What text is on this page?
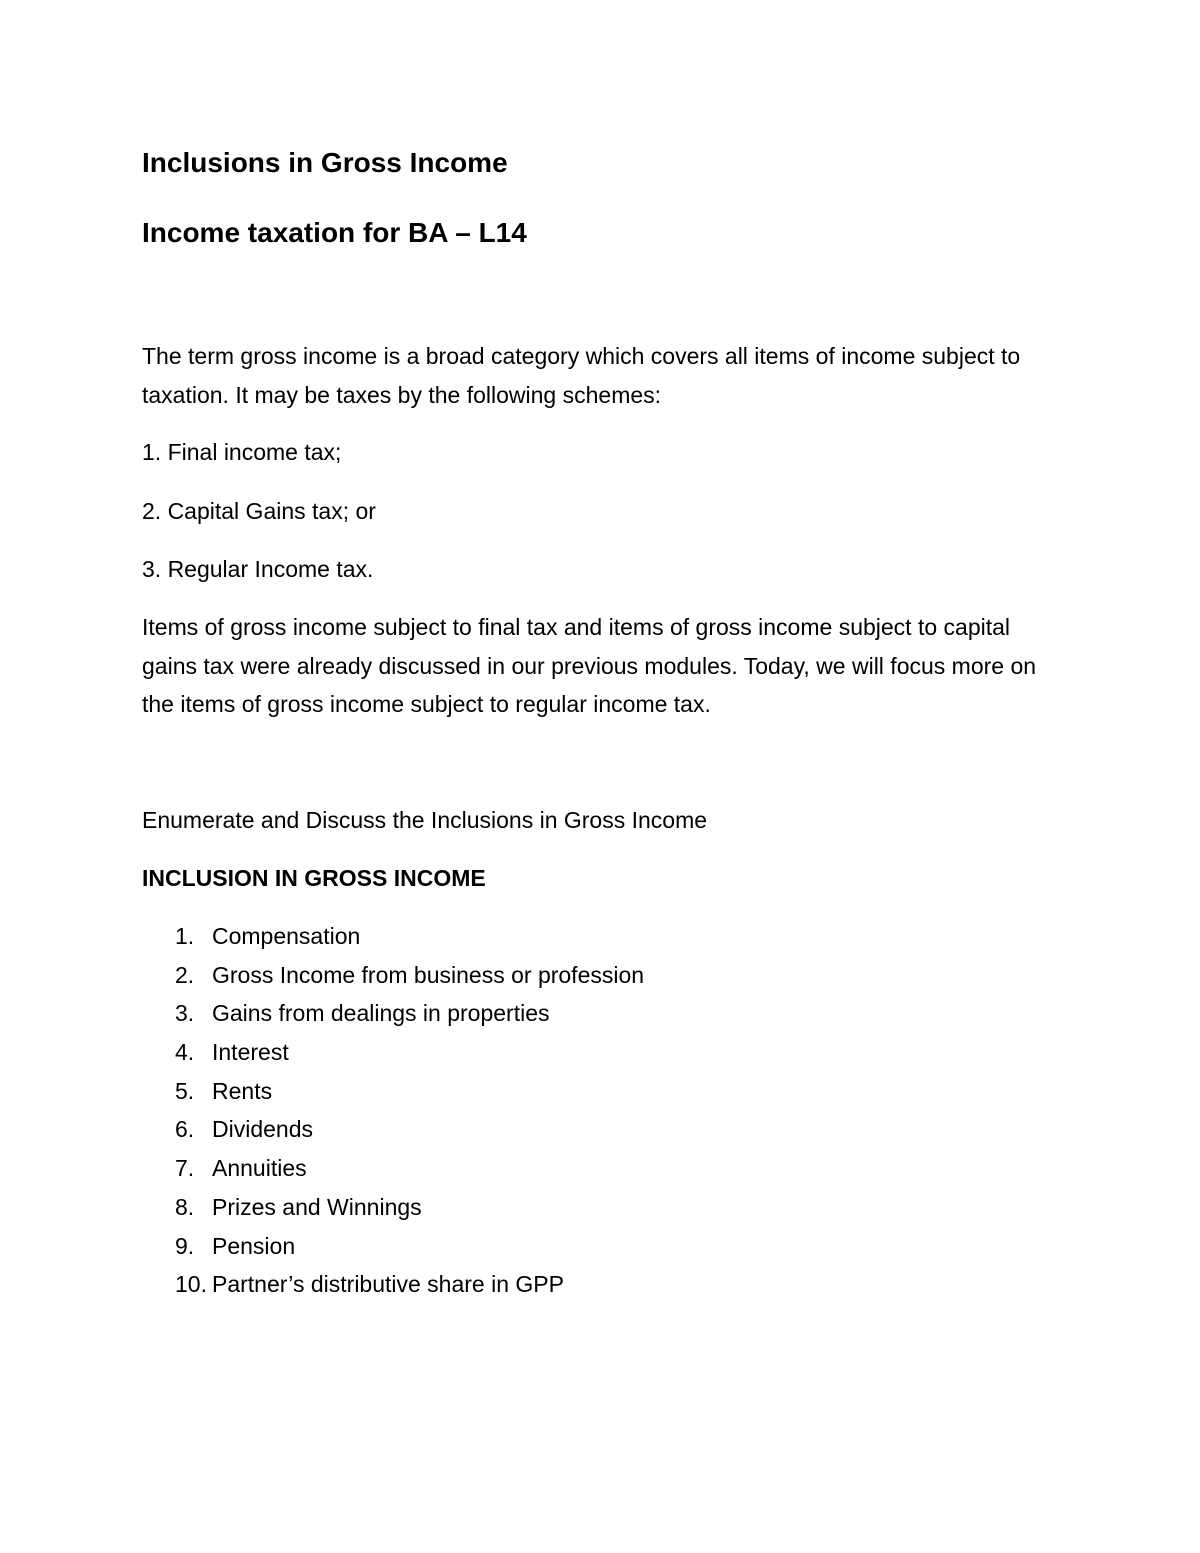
Inclusions in Gross Income
Income taxation for BA – L14
The term gross income is a broad category which covers all items of income subject to taxation. It may be taxes by the following schemes:
1. Final income tax;
2. Capital Gains tax; or
3. Regular Income tax.
Items of gross income subject to final tax and items of gross income subject to capital gains tax were already discussed in our previous modules. Today, we will focus more on the items of gross income subject to regular income tax.
Enumerate and Discuss the Inclusions in Gross Income
INCLUSION IN GROSS INCOME
1. Compensation
2. Gross Income from business or profession
3. Gains from dealings in properties
4. Interest
5. Rents
6. Dividends
7. Annuities
8. Prizes and Winnings
9. Pension
10. Partner’s distributive share in GPP
